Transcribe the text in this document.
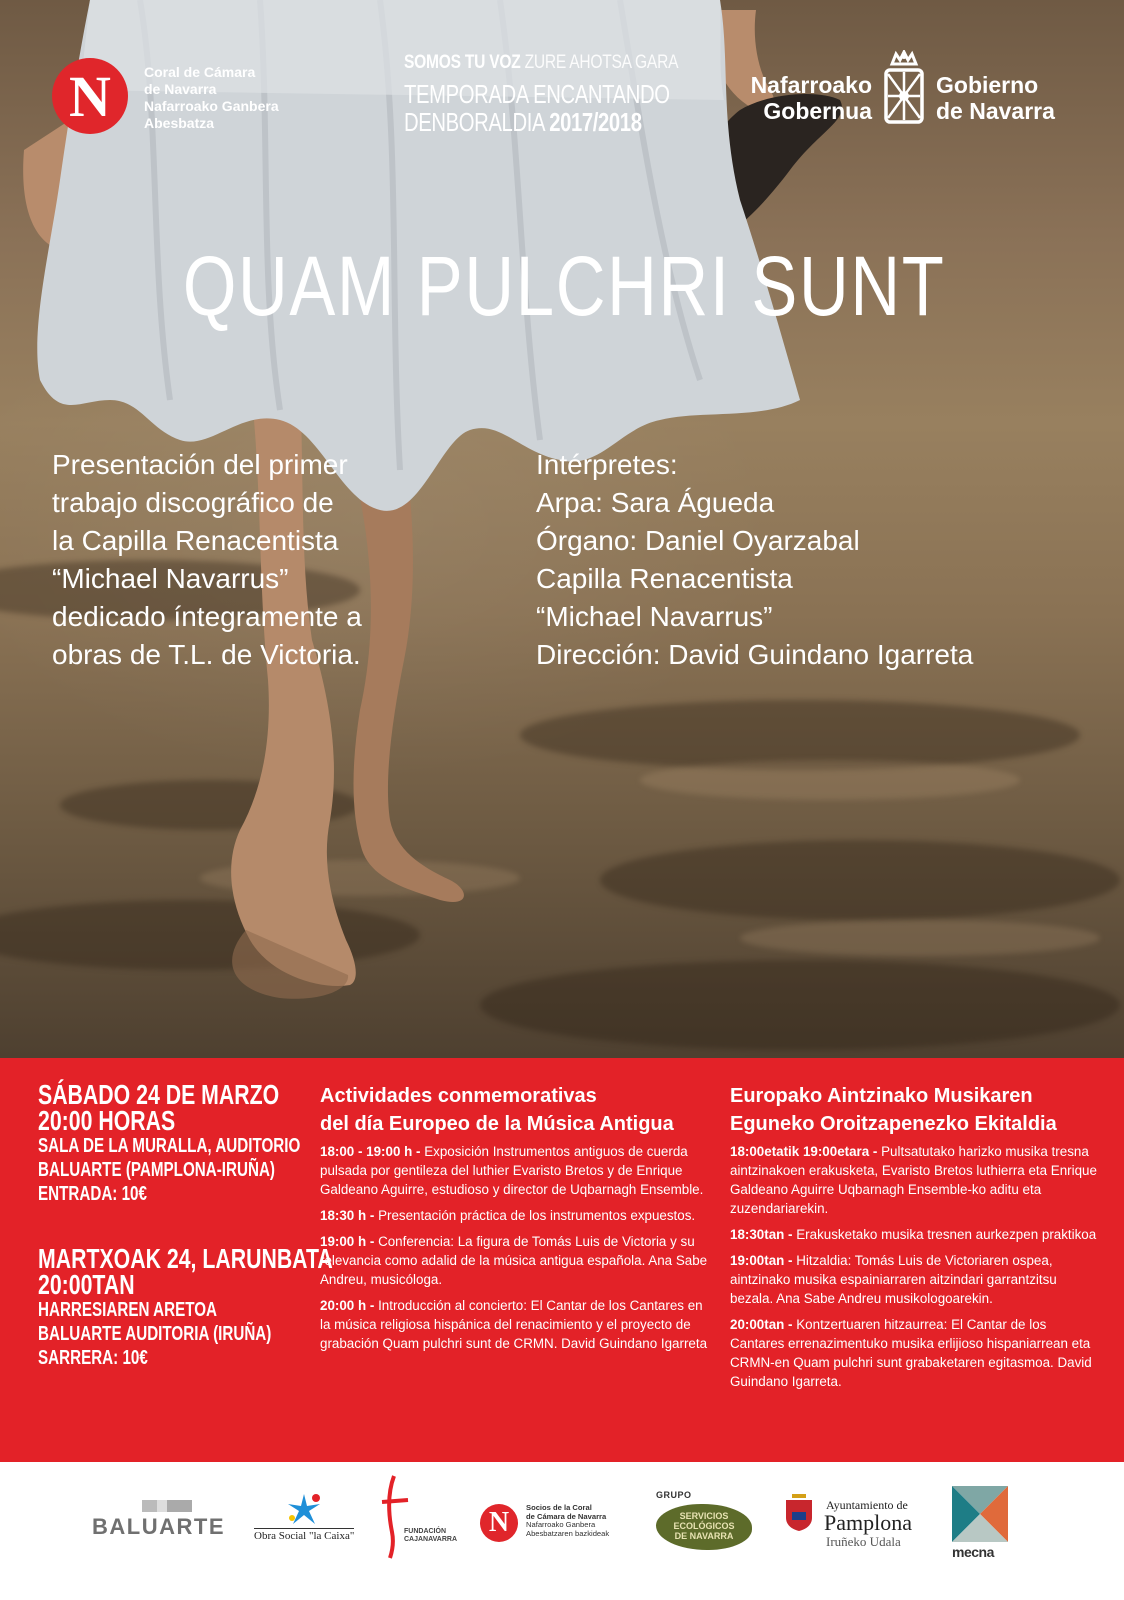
N Coral de Cámara
de Navarra
Nafarroako Ganbera
Abesbatza
SOMOS TU VOZ ZURE AHOTSA GARA
TEMPORADA ENCANTANDO
DENBORALDIA 2017/2018
Nafarroako
Gobernua
Gobierno
de Navarra
QUAM PULCHRI SUNT
Presentación del primer
trabajo discográfico de
la Capilla Renacentista
“Michael Navarrus”
dedicado íntegramente a
obras de T.L. de Victoria.
Intérpretes:
Arpa: Sara Águeda
Órgano: Daniel Oyarzabal
Capilla Renacentista
“Michael Navarrus”
Dirección: David Guindano Igarreta
SÁBADO 24 DE MARZO
20:00 HORAS
SALA DE LA MURALLA, AUDITORIO
BALUARTE (PAMPLONA-IRUÑA)
ENTRADA: 10€
MARTXOAK 24, LARUNBATA
20:00TAN
HARRESIAREN ARETOA
BALUARTE AUDITORIA (IRUÑA)
SARRERA: 10€
Actividades conmemorativas
del día Europeo de la Música Antigua
18:00 - 19:00 h - Exposición Instrumentos antiguos de cuerda pulsada por gentileza del luthier Evaristo Bretos y de Enrique Galdeano Aguirre, estudioso y director de Uqbarnagh Ensemble.
18:30 h - Presentación práctica de los instrumentos expuestos.
19:00 h - Conferencia: La figura de Tomás Luis de Victoria y su relevancia como adalid de la música antigua española. Ana Sabe Andreu, musicóloga.
20:00 h - Introducción al concierto: El Cantar de los Cantares en la música religiosa hispánica del renacimiento y el proyecto de grabación Quam pulchri sunt de CRMN. David Guindano Igarreta
Europako Aintzinako Musikaren
Eguneko Oroitzapenezko Ekitaldia
18:00etatik 19:00etara - Pultsatutako harizko musika tresna aintzinakoen erakusketa, Evaristo Bretos luthierra eta Enrique Galdeano Aguirre Uqbarnagh Ensemble-ko aditu eta zuzendariarekin.
18:30tan - Erakusketako musika tresnen aurkezpen praktikoa
19:00tan - Hitzaldia: Tomás Luis de Victoriaren ospea, aintzinako musika espainiarraren aitzindari garrantzitsu bezala. Ana Sabe Andreu musikologoarekin.
20:00tan - Kontzertuaren hitzaurrea: El Cantar de los Cantares errenazimentuko musika erlijioso hispaniarrean eta CRMN-en Quam pulchri sunt grabaketaren egitasmoa. David Guindano Igarreta.
BALUARTE	Obra Social "la Caixa"	FUNDACIÓN
CAJANAVARRA
N	Socios de la Coral
de Cámara de Navarra
Nafarroako Ganbera
Abesbatzaren bazkideak
GRUPO
SERVICIOS
ECOLÓGICOS
DE NAVARRA
Ayuntamiento de
Pamplona
Iruñeko Udala
mecna
